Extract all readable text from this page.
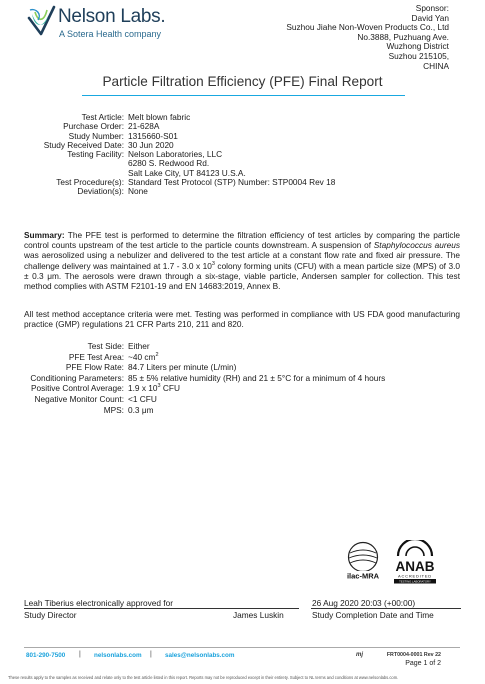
Nelson Labs.
A Sotera Health company
Sponsor:
David Yan
Suzhou Jiahe Non-Woven Products Co., Ltd
No.3888, Puzhuang Ave.
Wuzhong District
Suzhou 215105,
CHINA
Particle Filtration Efficiency (PFE) Final Report
Test Article: Melt blown fabric
Purchase Order: 21-628A
Study Number: 1315660-S01
Study Received Date: 30 Jun 2020
Testing Facility: Nelson Laboratories, LLC
6280 S. Redwood Rd.
Salt Lake City, UT 84123 U.S.A.
Test Procedure(s): Standard Test Protocol (STP) Number: STP0004 Rev 18
Deviation(s): None

Summary: The PFE test is performed to determine the filtration efficiency of test articles by comparing the particle control counts upstream of the test article to the particle counts downstream. A suspension of Staphylococcus aureus was aerosolized using a nebulizer and delivered to the test article at a constant flow rate and fixed air pressure. The challenge delivery was maintained at 1.7 - 3.0 x $10^3$ colony forming units (CFU) with a mean particle size (MPS) of 3.0 ± 0.3 μm. The aerosols were drawn through a six-stage, viable particle, Andersen sampler for collection. This test method complies with ASTM F2101-19 and EN 14683:2019, Annex B.

All test method acceptance criteria were met. Testing was performed in compliance with US FDA good manufacturing practice (GMP) regulations 21 CFR Parts 210, 211 and 820.

Test Side: Either
PFE Test Area: ~40 $cm^2$
PFE Flow Rate: 84.7 Liters per minute (L/min)
Conditioning Parameters: 85 ± 5% relative humidity (RH) and 21 ± 5°C for a minimum of 4 hours
Positive Control Average: 1.9 x $10^3$ CFU
Negative Monitor Count: <1 CFU
MPS: 0.3 μm
ilac-MRA
ANAB
ACCREDITED
TESTING LABORATORY
Leah Tiberius electronically approved for
Study Director	James Luskin
26 Aug 2020 20:03 (+00:00)
Study Completion Date and Time
801-290-7500 | nelsonlabs.com | sales@nelsonlabs.com	mj	FRT0004-0001 Rev 22
Page 1 of 2
These results apply to the samples as received and relate only to the test article listed in this report. Reports may not be reproduced except in their entirety. Subject to NL terms and conditions at www.nelsonlabs.com.
